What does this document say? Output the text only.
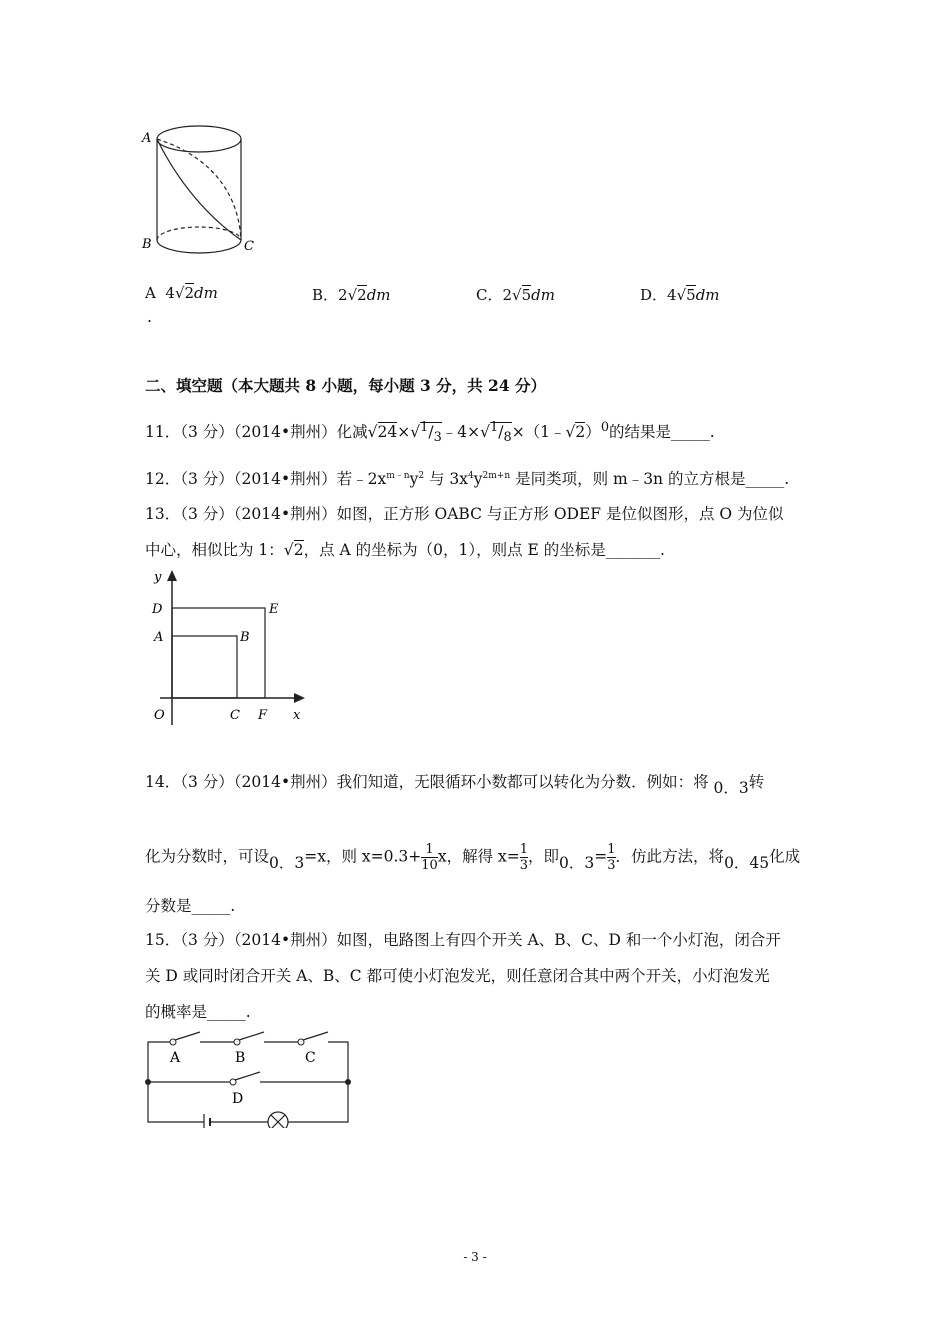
A
B	C
A 4√2dm	B．2√2dm	C．2√5dm	D．4√5dm
.
二、填空题（本大题共 8 小题，每小题 3 分，共 24 分）
11．（3 分）（2014•荆州）化减$√24\times√^1/_3﹣4\times√^1/_8\times(1﹣√2)^0$的结果是_____.
12．（3 分）（2014•荆州）若$﹣2x^{m﹣n}y^2$ 与 $3x^4y^{2m+n}$ 是同类项，则 m﹣3n 的立方根是_____.
13．（3 分）（2014•荆州）如图，正方形 OABC 与正方形 ODEF 是位似图形，点 O 为位似
中心，相似比为 1：√2，点 A 的坐标为（0，1），则点 E 的坐标是_______.
y
D	E
A	B
O	C F x
14．（3 分）（2014•荆州）我们知道，无限循环小数都可以转化为分数．例如：将 0．3转
化为分数时，可设0．3=x，则 $x=0.3+ \frac{1}{10}$ x，解得 $x= \frac{1}{3}$ ，即0．$3= \frac{1}{3}$ ．仿此方法，将0．45化成
分数是_____.
15．（3 分）（2014•荆州）如图，电路图上有四个开关 A、B、C、D 和一个小灯泡，闭合开
关 D 或同时闭合开关 A、B、C 都可使小灯泡发光，则任意闭合其中两个开关，小灯泡发光
的概率是_____.
A	B	C
D
- 3 -
